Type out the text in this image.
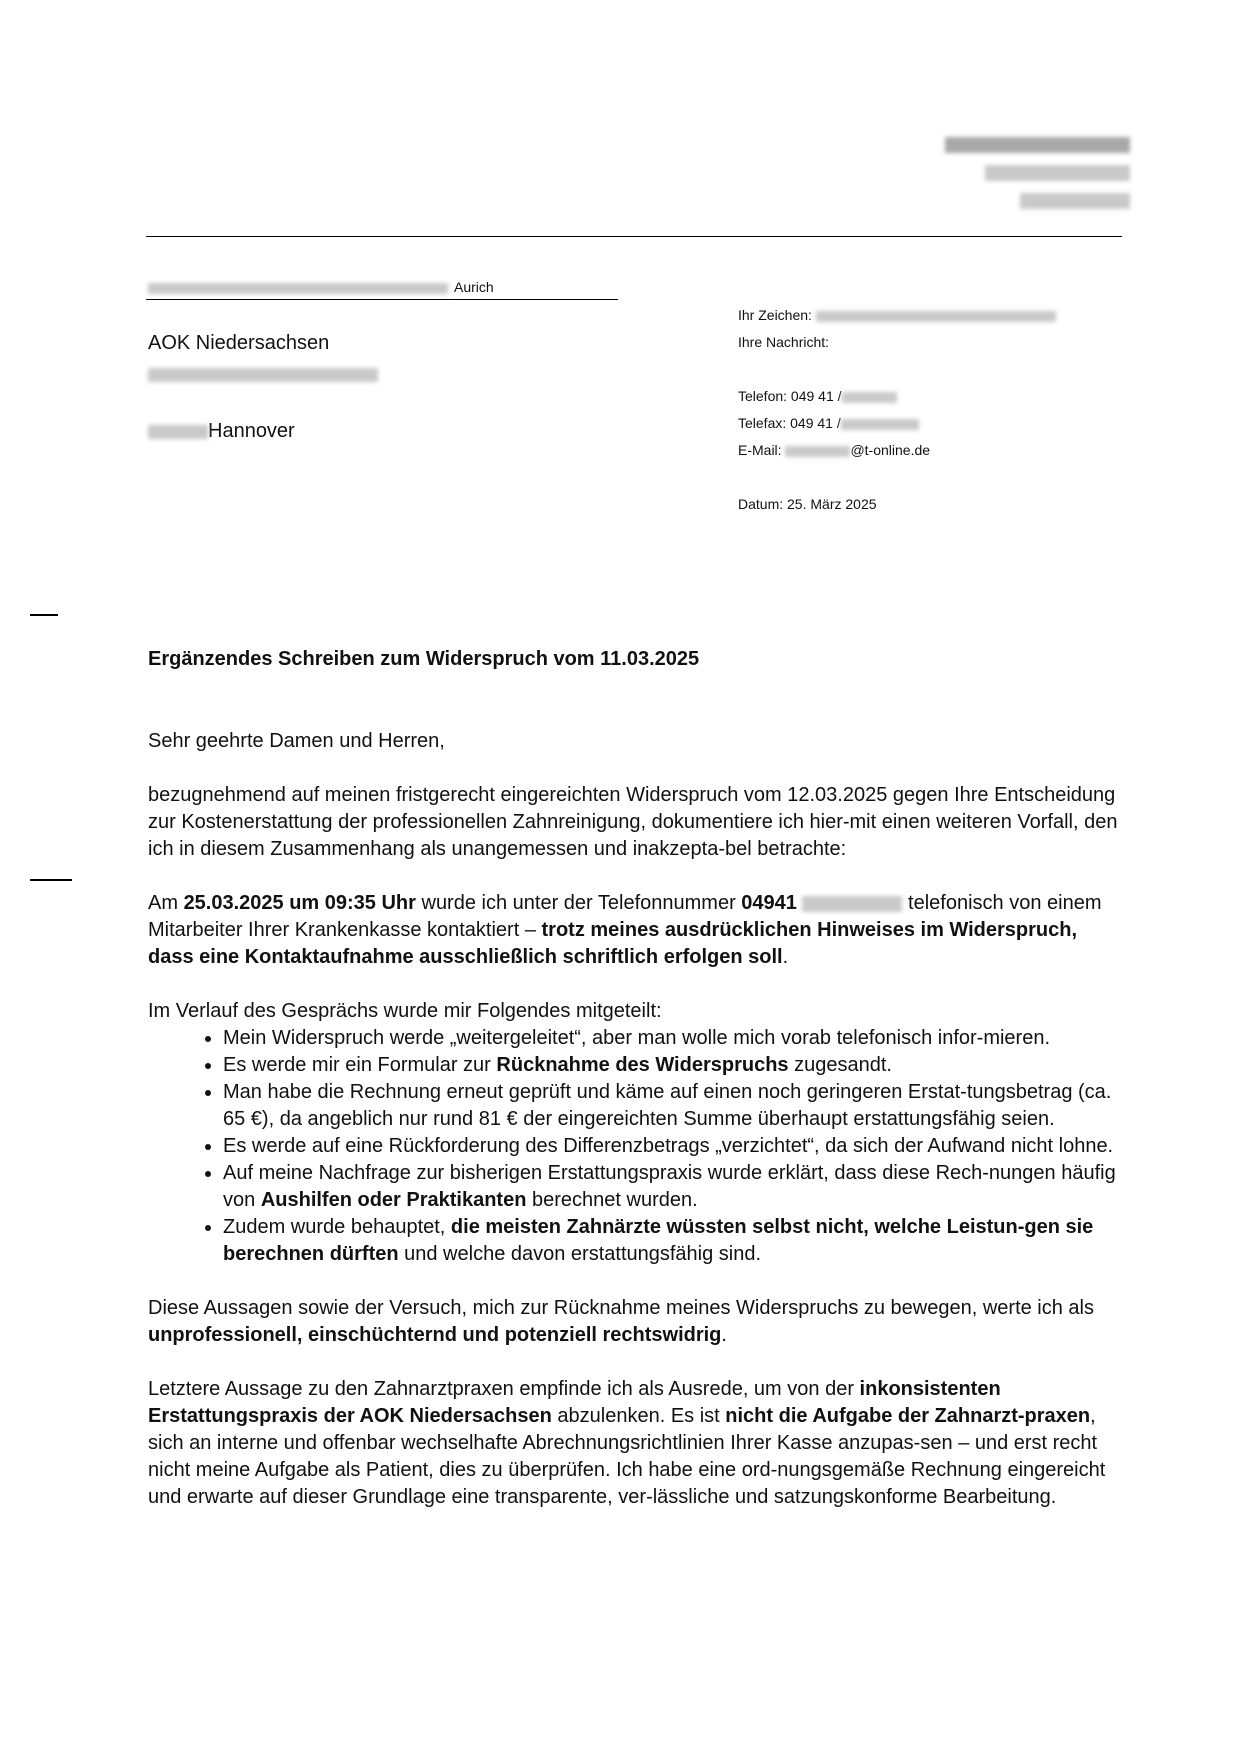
Aurich
AOK Niedersachsen
Hannover
Ihr Zeichen:
Ihre Nachricht:
Telefon: 049 41 /
Telefax: 049 41 /
E-Mail:	@t-online.de
Datum: 25. März 2025
Ergänzendes Schreiben zum Widerspruch vom 11.03.2025

Sehr geehrte Damen und Herren,

bezugnehmend auf meinen fristgerecht eingereichten Widerspruch vom 12.03.2025 gegen Ihre Entscheidung zur Kostenerstattung der professionellen Zahnreinigung, dokumentiere ich hier-mit einen weiteren Vorfall, den ich in diesem Zusammenhang als unangemessen und inakzepta-bel betrachte:

Am 25.03.2025 um 09:35 Uhr wurde ich unter der Telefonnummer 04941	telefonisch von einem Mitarbeiter Ihrer Krankenkasse kontaktiert – trotz meines ausdrücklichen Hinweises im Widerspruch, dass eine Kontaktaufnahme ausschließlich schriftlich erfolgen soll.

Im Verlauf des Gesprächs wurde mir Folgendes mitgeteilt:
• Mein Widerspruch werde „weitergeleitet“, aber man wolle mich vorab telefonisch infor-mieren.
• Es werde mir ein Formular zur Rücknahme des Widerspruchs zugesandt.
• Man habe die Rechnung erneut geprüft und käme auf einen noch geringeren Erstat-tungsbetrag (ca. 65 €), da angeblich nur rund 81 € der eingereichten Summe überhaupt erstattungsfähig seien.
• Es werde auf eine Rückforderung des Differenzbetrags „verzichtet“, da sich der Aufwand nicht lohne.
• Auf meine Nachfrage zur bisherigen Erstattungspraxis wurde erklärt, dass diese Rech-nungen häufig von Aushilfen oder Praktikanten berechnet wurden.
• Zudem wurde behauptet, die meisten Zahnärzte wüssten selbst nicht, welche Leistun-gen sie berechnen dürften und welche davon erstattungsfähig sind.

Diese Aussagen sowie der Versuch, mich zur Rücknahme meines Widerspruchs zu bewegen, werte ich als unprofessionell, einschüchternd und potenziell rechtswidrig.

Letztere Aussage zu den Zahnarztpraxen empfinde ich als Ausrede, um von der inkonsistenten Erstattungspraxis der AOK Niedersachsen abzulenken. Es ist nicht die Aufgabe der Zahnarzt-praxen, sich an interne und offenbar wechselhafte Abrechnungsrichtlinien Ihrer Kasse anzupas-sen – und erst recht nicht meine Aufgabe als Patient, dies zu überprüfen. Ich habe eine ord-nungsgemäße Rechnung eingereicht und erwarte auf dieser Grundlage eine transparente, ver-lässliche und satzungskonforme Bearbeitung.
